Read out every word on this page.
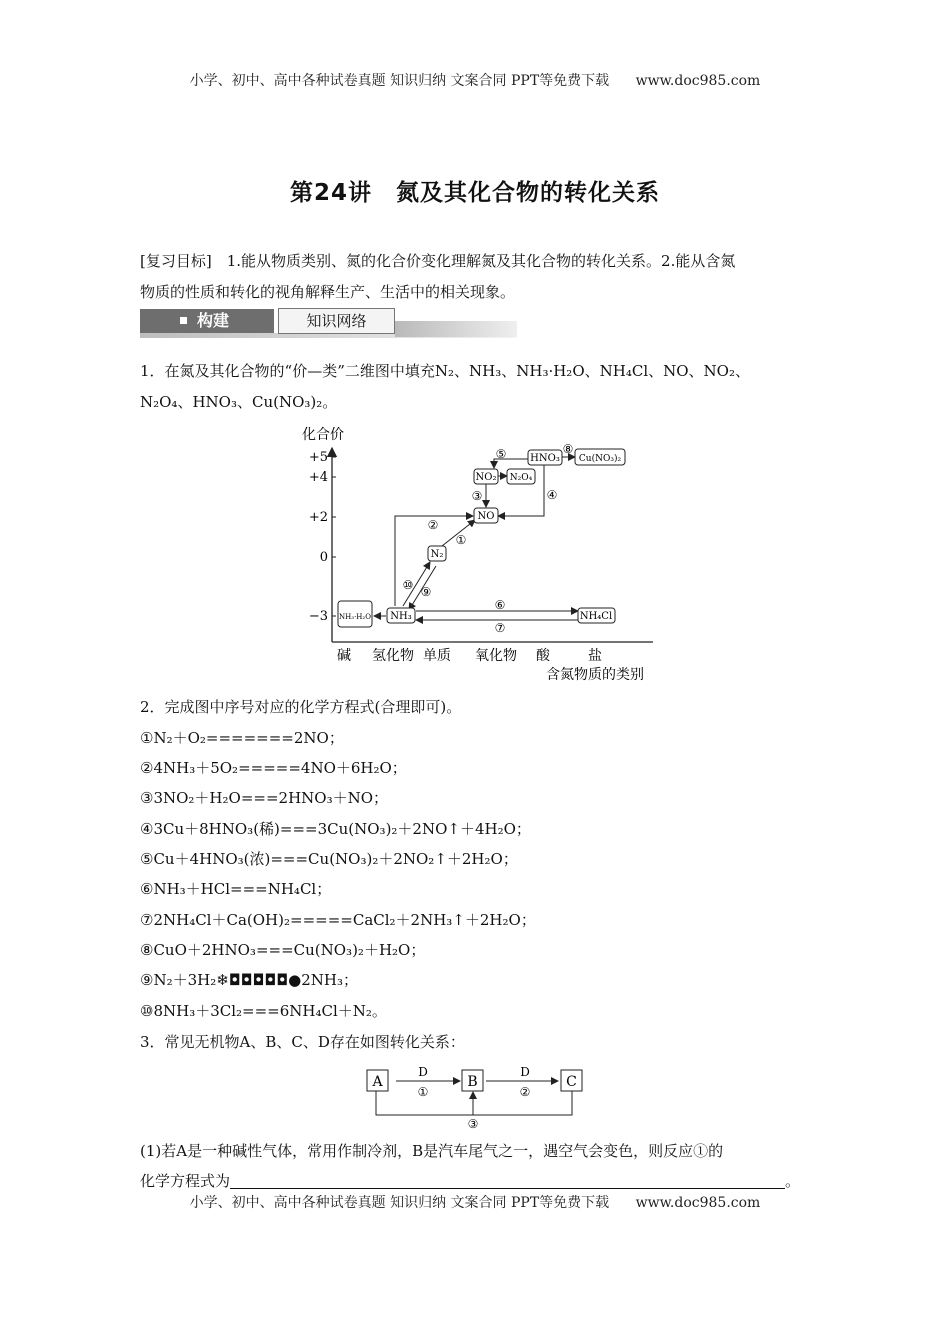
小学、初中、高中各种试卷真题 知识归纳 文案合同 PPT等免费下载 www.doc985.com
第24讲　氮及其化合物的转化关系
[复习目标]　1.能从物质类别、氮的化合价变化理解氮及其化合物的转化关系。2.能从含氮
物质的性质和转化的视角解释生产、生活中的相关现象。
构建	知识网络
1．在氮及其化合物的“价—类”二维图中填充N₂、NH₃、NH₃·H₂O、NH₄Cl、NO、NO₂、
N₂O₄、HNO₃、Cu(NO₃)₂。
化合价
+5
+4
+2
0
−3
碱 氢化物 单质 氧化物 酸	盐
含氮物质的类别
NH₃·H₂O NH₃
N₂
NO
NO₂ N₂O₄
HNO₃ Cu(NO₃)₂
NH₄Cl
①
②
③	④
⑤
⑥
⑦
⑧
⑨
⑩
2．完成图中序号对应的化学方程式(合理即可)。
①N₂＋O₂=======2NO；
②4NH₃＋5O₂=====4NO＋6H₂O；
③3NO₂＋H₂O===2HNO₃＋NO；
④3Cu＋8HNO₃(稀)===3Cu(NO₃)₂＋2NO↑＋4H₂O；
⑤Cu＋4HNO₃(浓)===Cu(NO₃)₂＋2NO₂↑＋2H₂O；
⑥NH₃＋HCl===NH₄Cl；
⑦2NH₄Cl＋Ca(OH)₂=====CaCl₂＋2NH₃↑＋2H₂O；
⑧CuO＋2HNO₃===Cu(NO₃)₂＋H₂O；
⑨N₂＋3H₂❄◘◘◘◘◘●2NH₃；
⑩8NH₃＋3Cl₂===6NH₄Cl＋N₂。
3．常见无机物A、B、C、D存在如图转化关系：
A	B	C
D
①
D
②
③
(1)若A是一种碱性气体，常用作制冷剂，B是汽车尾气之一，遇空气会变色，则反应①的
化学方程式为	。
小学、初中、高中各种试卷真题 知识归纳 文案合同 PPT等免费下载 www.doc985.com
